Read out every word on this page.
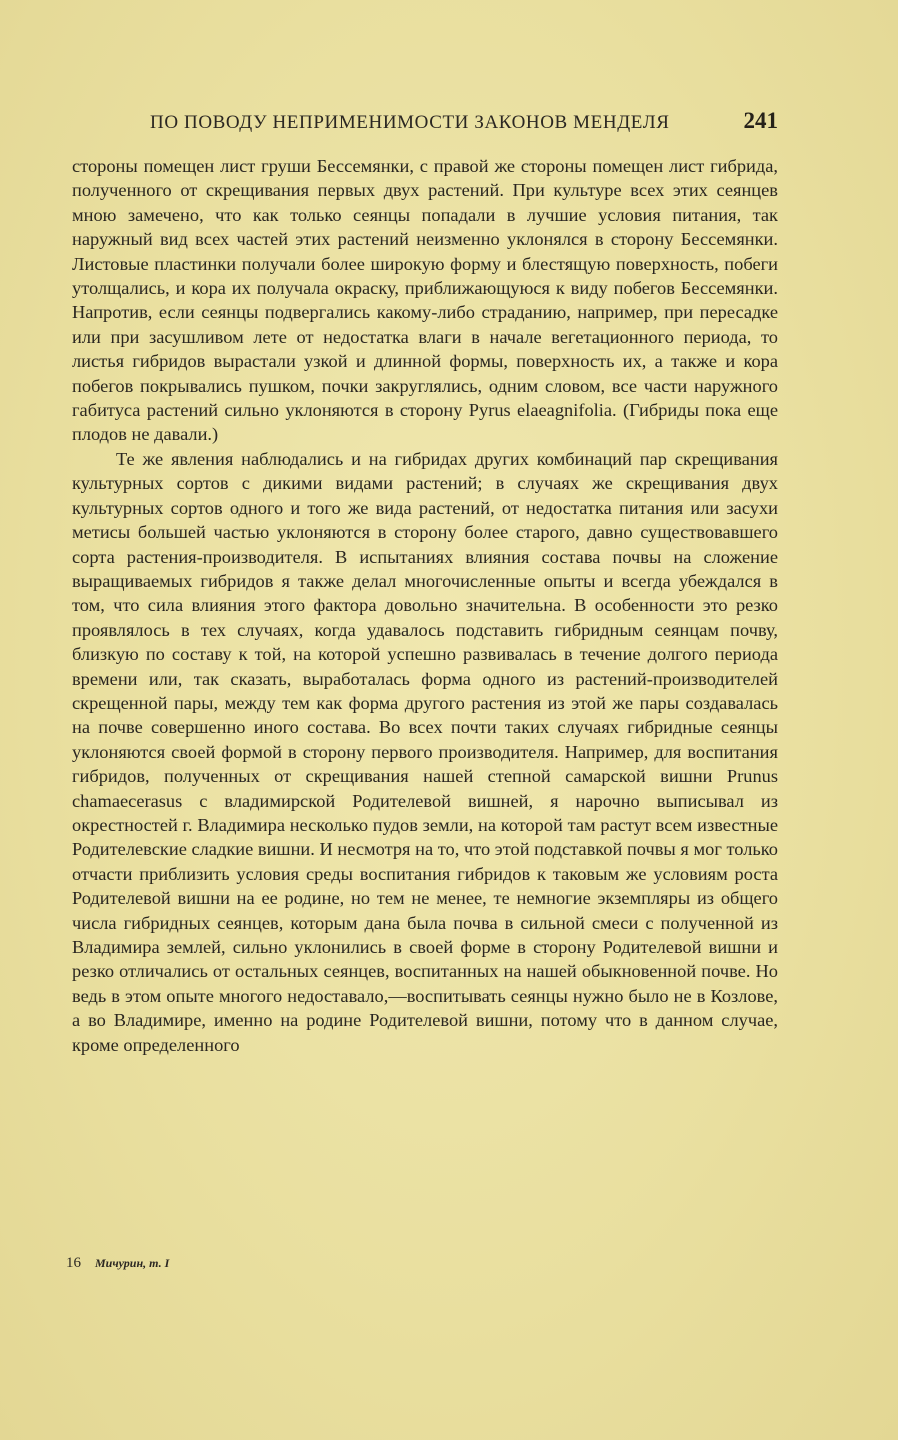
ПО ПОВОДУ НЕПРИМЕНИМОСТИ ЗАКОНОВ МЕНДЕЛЯ	241

стороны помещен лист груши Бессемянки, с правой же стороны помещен лист гибрида, полученного от скрещивания первых двух растений. При культуре всех этих сеянцев мною замечено, что как только сеянцы попадали в лучшие условия питания, так наружный вид всех частей этих растений неизменно уклонялся в сторону Бессемянки. Листовые пластинки получали более широкую форму и блестящую поверхность, побеги утолщались, и кора их получала окраску, приближающуюся к виду побегов Бессемянки. Напротив, если сеянцы подвергались какому-либо страданию, например, при пересадке или при засушливом лете от недостатка влаги в начале вегетационного периода, то листья гибридов вырастали узкой и длинной формы, поверхность их, а также и кора побегов покрывались пушком, почки закруглялись, одним словом, все части наружного габитуса растений сильно уклоняются в сторону Pyrus elaeagnifolia. (Гибриды пока еще плодов не давали.)

Те же явления наблюдались и на гибридах других комбинаций пар скрещивания культурных сортов с дикими видами растений; в случаях же скрещивания двух культурных сортов одного и того же вида растений, от недостатка питания или засухи метисы большей частью уклоняются в сторону более старого, давно существовавшего сорта растения-производителя. В испытаниях влияния состава почвы на сложение выращиваемых гибридов я также делал многочисленные опыты и всегда убеждался в том, что сила влияния этого фактора довольно значительна. В особенности это резко проявлялось в тех случаях, когда удавалось подставить гибридным сеянцам почву, близкую по составу к той, на которой успешно развивалась в течение долгого периода времени или, так сказать, выработалась форма одного из растений-производителей скрещенной пары, между тем как форма другого растения из этой же пары создавалась на почве совершенно иного состава. Во всех почти таких случаях гибридные сеянцы уклоняются своей формой в сторону первого производителя. Например, для воспитания гибридов, полученных от скрещивания нашей степной самарской вишни Prunus chamaecerasus с владимирской Родителевой вишней, я нарочно выписывал из окрестностей г. Владимира несколько пудов земли, на которой там растут всем известные Родителевские сладкие вишни. И несмотря на то, что этой подставкой почвы я мог только отчасти приблизить условия среды воспитания гибридов к таковым же условиям роста Родителевой вишни на ее родине, но тем не менее, те немногие экземпляры из общего числа гибридных сеянцев, которым дана была почва в сильной смеси с полученной из Владимира землей, сильно уклонились в своей форме в сторону Родителевой вишни и резко отличались от остальных сеянцев, воспитанных на нашей обыкновенной почве. Но ведь в этом опыте многого недоставало,—воспитывать сеянцы нужно было не в Козлове, а во Владимире, именно на родине Родителевой вишни, потому что в данном случае, кроме определенного

16 Мичурин, т. I
